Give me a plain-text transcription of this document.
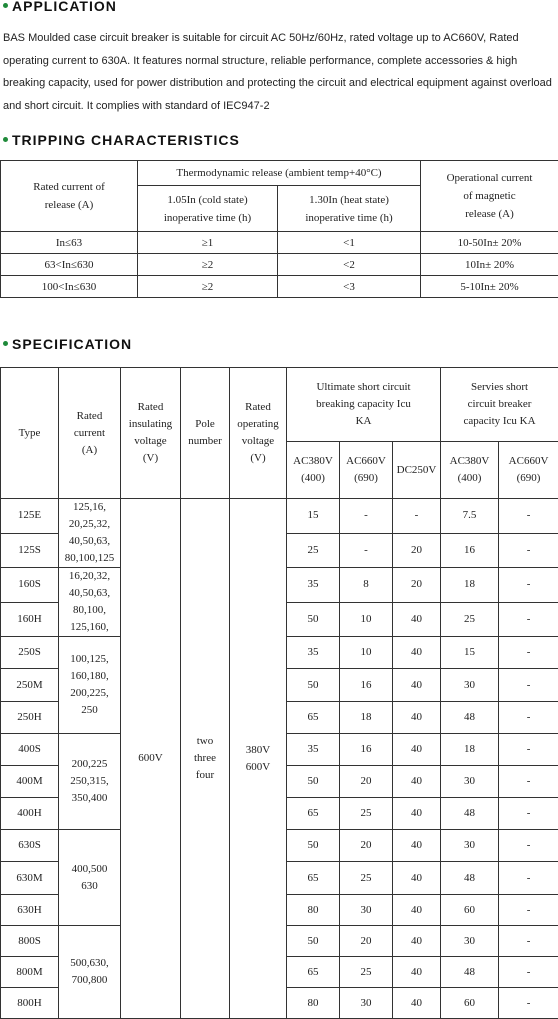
APPLICATION
BAS Moulded case circuit breaker is suitable for circuit AC 50Hz/60Hz, rated voltage up to AC660V, Rated operating current to 630A. It features normal structure, reliable performance, complete accessories & high breaking capacity, used for power distribution and protecting the circuit and electrical equipment against overload and short circuit. It complies with standard of IEC947-2
TRIPPING CHARACTERISTICS
Rated current of
release (A)	Thermodynamic release (ambient temp+40°C)		Operational current
of magnetic
release (A)
	1.05In (cold state)
inoperative time (h)	1.30In (heat state)
inoperative time (h)	
In≤63	≥1	<1	10-50In± 20%
63<In≤630	≥2	<2	10In± 20%
100<In≤630	≥2	<3	5-10In± 20%
SPECIFICATION
Type	Rated
current
(A)	Rated
insulating
voltage
(V)	Pole
number	Rated
operating
voltage
(V)	Ultimate short circuit
breaking capacity Icu
KA			Servies short
circuit breaker
capacity Icu KA	
					AC380V
(400)	AC660V
(690)	DC250V	AC380V
(400)	AC660V
(690)
125E	125,16,
20,25,32,
40,50,63,
80,100,125	600V	two
three
four	380V
600V	15	-	-	7.5	-
125S					25	-	20	16	-
160S	16,20,32,
40,50,63,
80,100,
125,160,				35	8	20	18	-
160H					50	10	40	25	-
250S	100,125,
160,180,
200,225,
250				35	10	40	15	-
250M					50	16	40	30	-
250H					65	18	40	48	-
400S	200,225
250,315,
350,400				35	16	40	18	-
400M					50	20	40	30	-
400H					65	25	40	48	-
630S	400,500
630				50	20	40	30	-
630M					65	25	40	48	-
630H					80	30	40	60	-
800S	500,630,
700,800				50	20	40	30	-
800M					65	25	40	48	-
800H					80	30	40	60	-
